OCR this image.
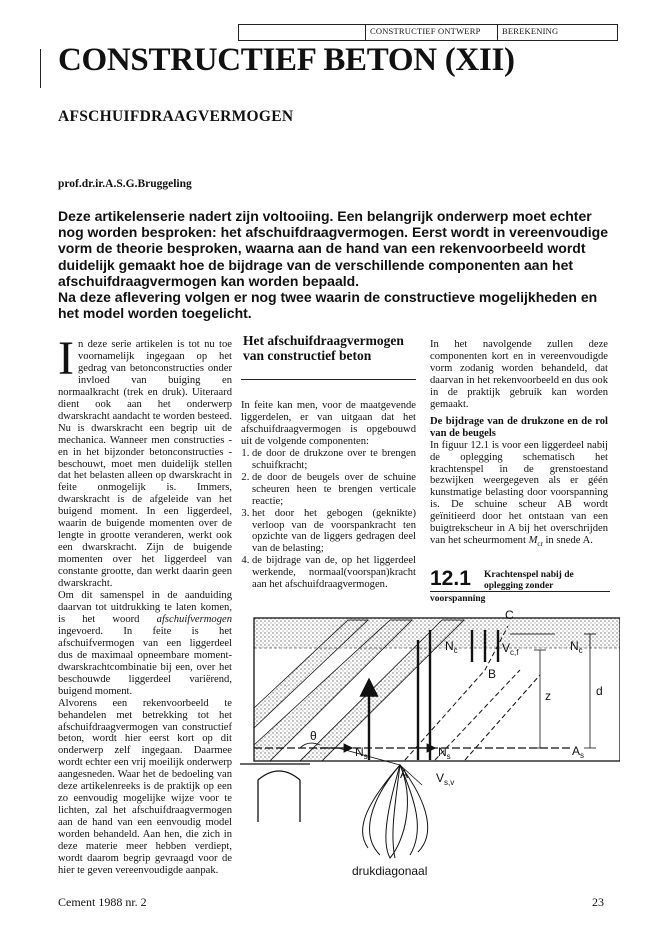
CONSTRUCTIEF ONTWERP	BEREKENING
CONSTRUCTIEF BETON (XII)
AFSCHUIFDRAAGVERMOGEN
prof.dr.ir.A.S.G.Bruggeling
Deze artikelenserie nadert zijn voltooiing. Een belangrijk onderwerp moet echter nog worden besproken: het afschuifdraagvermogen. Eerst wordt in vereenvoudige vorm de theorie besproken, waarna aan de hand van een rekenvoorbeeld wordt duidelijk gemaakt hoe de bijdrage van de verschillende componenten aan het afschuifdraagvermogen kan worden bepaald.
Na deze aflevering volgen er nog twee waarin de constructieve mogelijkheden en het model worden toegelicht.

In deze serie artikelen is tot nu toe voornamelijk ingegaan op het gedrag van betonconstructies onder invloed van buiging en normaalkracht (trek en druk). Uiteraard dient ook aan het onderwerp dwarskracht aandacht te worden besteed. Nu is dwarskracht een begrip uit de mechanica. Wanneer men constructies - en in het bijzonder betonconstructies - beschouwt, moet men duidelijk stellen dat het belasten alleen op dwarskracht in feite onmogelijk is. Immers, dwarskracht is de afgeleide van het buigend moment. In een liggerdeel, waarin de buigende momenten over de lengte in grootte veranderen, werkt ook een dwarskracht. Zijn de buigende momenten over het liggerdeel van constante grootte, dan werkt daarin geen dwarskracht.

Om dit samenspel in de aanduiding daarvan tot uitdrukking te laten komen, is het woord afschuifvermogen ingevoerd. In feite is het afschuifvermogen van een liggerdeel dus de maximaal opneembare moment-dwarskrachtcombinatie bij een, over het beschouwde liggerdeel variërend, buigend moment.

Alvorens een rekenvoorbeeld te behandelen met betrekking tot het afschuifdraagvermogen van constructief beton, wordt hier eerst kort op dit onderwerp zelf ingegaan. Daarmee wordt echter een vrij moeilijk onderwerp aangesneden. Waar het de bedoeling van deze artikelenreeks is de praktijk op een zo eenvoudig mogelijke wijze voor te lichten, zal het afschuifdraagvermogen aan de hand van een eenvoudig model worden behandeld. Aan hen, die zich in deze materie meer hebben verdiept, wordt daarom begrip gevraagd voor de hier te geven vereenvoudigde aanpak.

Het afschuifdraagvermogen van constructief beton

In feite kan men, voor de maatgevende liggerdelen, er van uitgaan dat het afschuifdraagvermogen is opgebouwd uit de volgende componenten:

1. de door de drukzone over te brengen schuifkracht;
2. de door de beugels over de schuine scheuren heen te brengen verticale reactie;
3. het door het gebogen (geknikte) verloop van de voorspankracht ten opzichte van de liggers gedragen deel van de belasting;
4. de bijdrage van de, op het liggerdeel werkende, normaal(voorspan)kracht aan het afschuifdraagvermogen.

In het navolgende zullen deze componenten kort en in vereenvoudigde vorm zodanig worden behandeld, dat daarvan in het rekenvoorbeeld en dus ook in de praktijk gebruik kan worden gemaakt.

De bijdrage van de drukzone en de rol van de beugels

In figuur 12.1 is voor een liggerdeel nabij de oplegging schematisch het krachtenspel in de grenstoestand bezwijken weergegeven als er géén kunstmatige belasting door voorspanning is. De schuine scheur AB wordt geïnitieerd door het ontstaan van een buigtrekscheur in A bij het overschrijden van het scheurmoment $M_{cr}$ in snede A.

12.1 Krachtenspel nabij de
oplegging zonder
voorspanning
C
$N_c$	$V_{c,f}$	$N_c$
B
d
z
θ
$N_s$	$N_s$	$A_s$
A $V_{s,v}$
drukdiagonaal
Cement 1988 nr. 2	23
